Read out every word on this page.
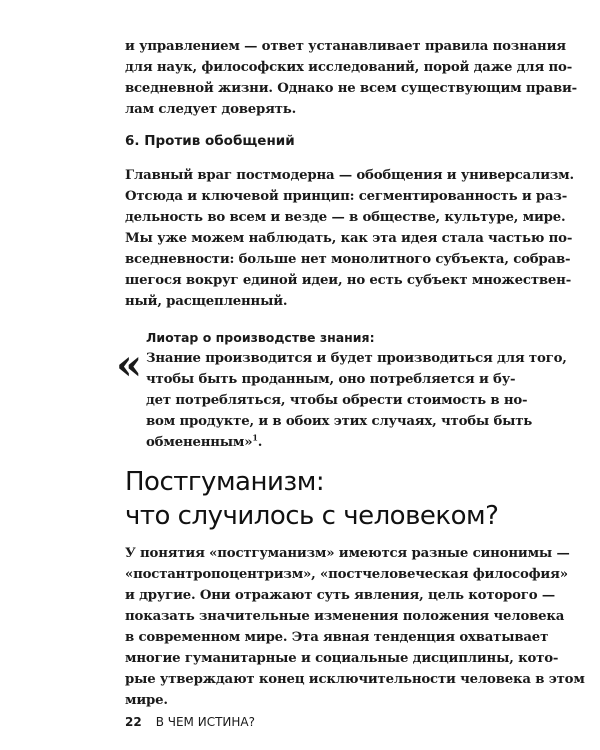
и управлением — ответ устанавливает правила познания
для наук, философских исследований, порой даже для по-
вседневной жизни. Однако не всем существующим прави-
лам следует доверять.
6. Против обобщений
Главный враг постмодерна — обобщения и универсализм.
Отсюда и ключевой принцип: сегментированность и раз-
дельность во всем и везде — в обществе, культуре, мире.
Мы уже можем наблюдать, как эта идея стала частью по-
вседневности: больше нет монолитного субъекта, собрав-
шегося вокруг единой идеи, но есть субъект множествен-
ный, расщепленный.
Лиотар о производстве знания:
« Знание производится и будет производиться для того,
чтобы быть проданным, оно потребляется и бу-
дет потребляться, чтобы обрести стоимость в но-
вом продукте, и в обоих этих случаях, чтобы быть
обмененным»$^1$.
Постгуманизм:
что случилось с человеком?
У понятия «постгуманизм» имеются разные синонимы —
«постантропоцентризм», «постчеловеческая философия»
и другие. Они отражают суть явления, цель которого —
показать значительные изменения положения человека
в современном мире. Эта явная тенденция охватывает
многие гуманитарные и социальные дисциплины, кото-
рые утверждают конец исключительности человека в этом
мире.
22 В ЧЕМ ИСТИНА?
